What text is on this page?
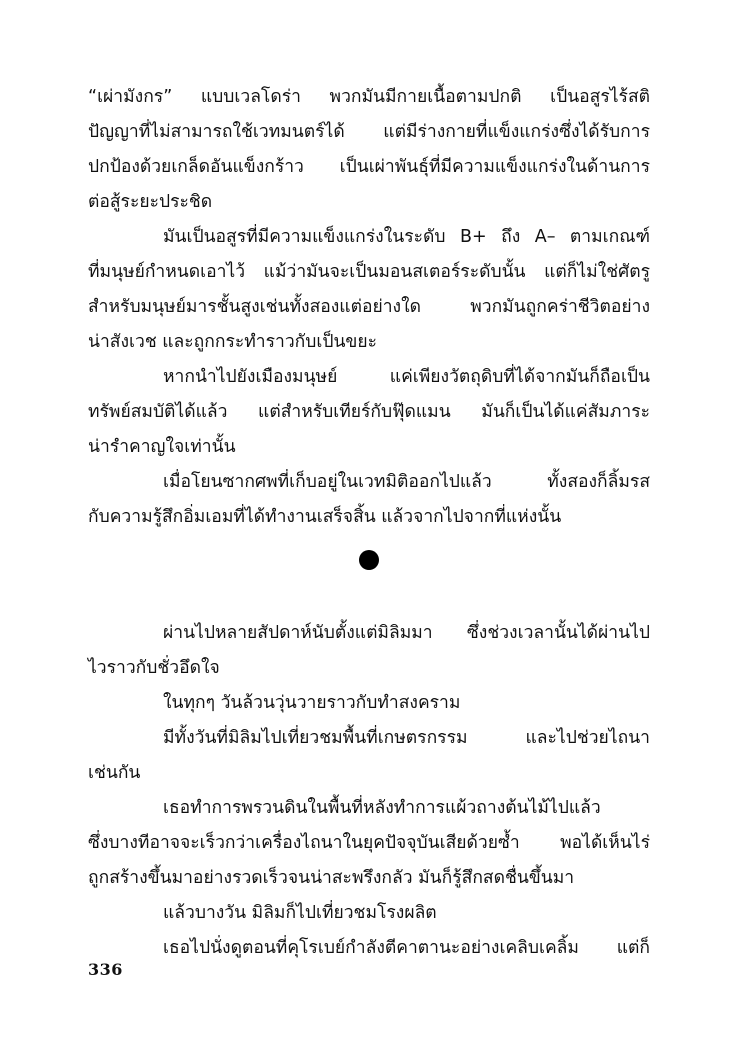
“เผ่ามังกร” แบบเวลโดร่า พวกมันมีกายเนื้อตามปกติ เป็นอสูรไร้สติ
ปัญญาที่ไม่สามารถใช้เวทมนตร์ได้ แต่มีร่างกายที่แข็งแกร่งซึ่งได้รับการ
ปกป้องด้วยเกล็ดอันแข็งกร้าว เป็นเผ่าพันธุ์ที่มีความแข็งแกร่งในด้านการ
ต่อสู้ระยะประชิด
มันเป็นอสูรที่มีความแข็งแกร่งในระดับ B+ ถึง A– ตามเกณฑ์
ที่มนุษย์กำหนดเอาไว้ แม้ว่ามันจะเป็นมอนสเตอร์ระดับนั้น แต่ก็ไม่ใช่ศัตรู
สำหรับมนุษย์มารชั้นสูงเช่นทั้งสองแต่อย่างใด พวกมันถูกคร่าชีวิตอย่าง
น่าสังเวช และถูกกระทำราวกับเป็นขยะ
หากนำไปยังเมืองมนุษย์ แค่เพียงวัตถุดิบที่ได้จากมันก็ถือเป็น
ทรัพย์สมบัติได้แล้ว แต่สำหรับเทียร์กับฟุ๊ดแมน มันก็เป็นได้แค่สัมภาระ
น่ารำคาญใจเท่านั้น
เมื่อโยนซากศพที่เก็บอยู่ในเวทมิติออกไปแล้ว ทั้งสองก็ลิ้มรส
กับความรู้สึกอิ่มเอมที่ได้ทำงานเสร็จสิ้น แล้วจากไปจากที่แห่งนั้น
ผ่านไปหลายสัปดาห์นับตั้งแต่มิลิมมา ซึ่งช่วงเวลานั้นได้ผ่านไป
ไวราวกับชั่วอึดใจ
ในทุกๆ วันล้วนวุ่นวายราวกับทำสงคราม
มีทั้งวันที่มิลิมไปเที่ยวชมพื้นที่เกษตรกรรม และไปช่วยไถนา
เช่นกัน
เธอทำการพรวนดินในพื้นที่หลังทำการแผ้วถางต้นไม้ไปแล้ว
ซึ่งบางทีอาจจะเร็วกว่าเครื่องไถนาในยุคปัจจุบันเสียด้วยซ้ำ พอได้เห็นไร่
ถูกสร้างขึ้นมาอย่างรวดเร็วจนน่าสะพรึงกลัว มันก็รู้สึกสดชื่นขึ้นมา
แล้วบางวัน มิลิมก็ไปเที่ยวชมโรงผลิต
เธอไปนั่งดูตอนที่คุโรเบย์กำลังตีคาตานะอย่างเคลิบเคลิ้ม แต่ก็
336
